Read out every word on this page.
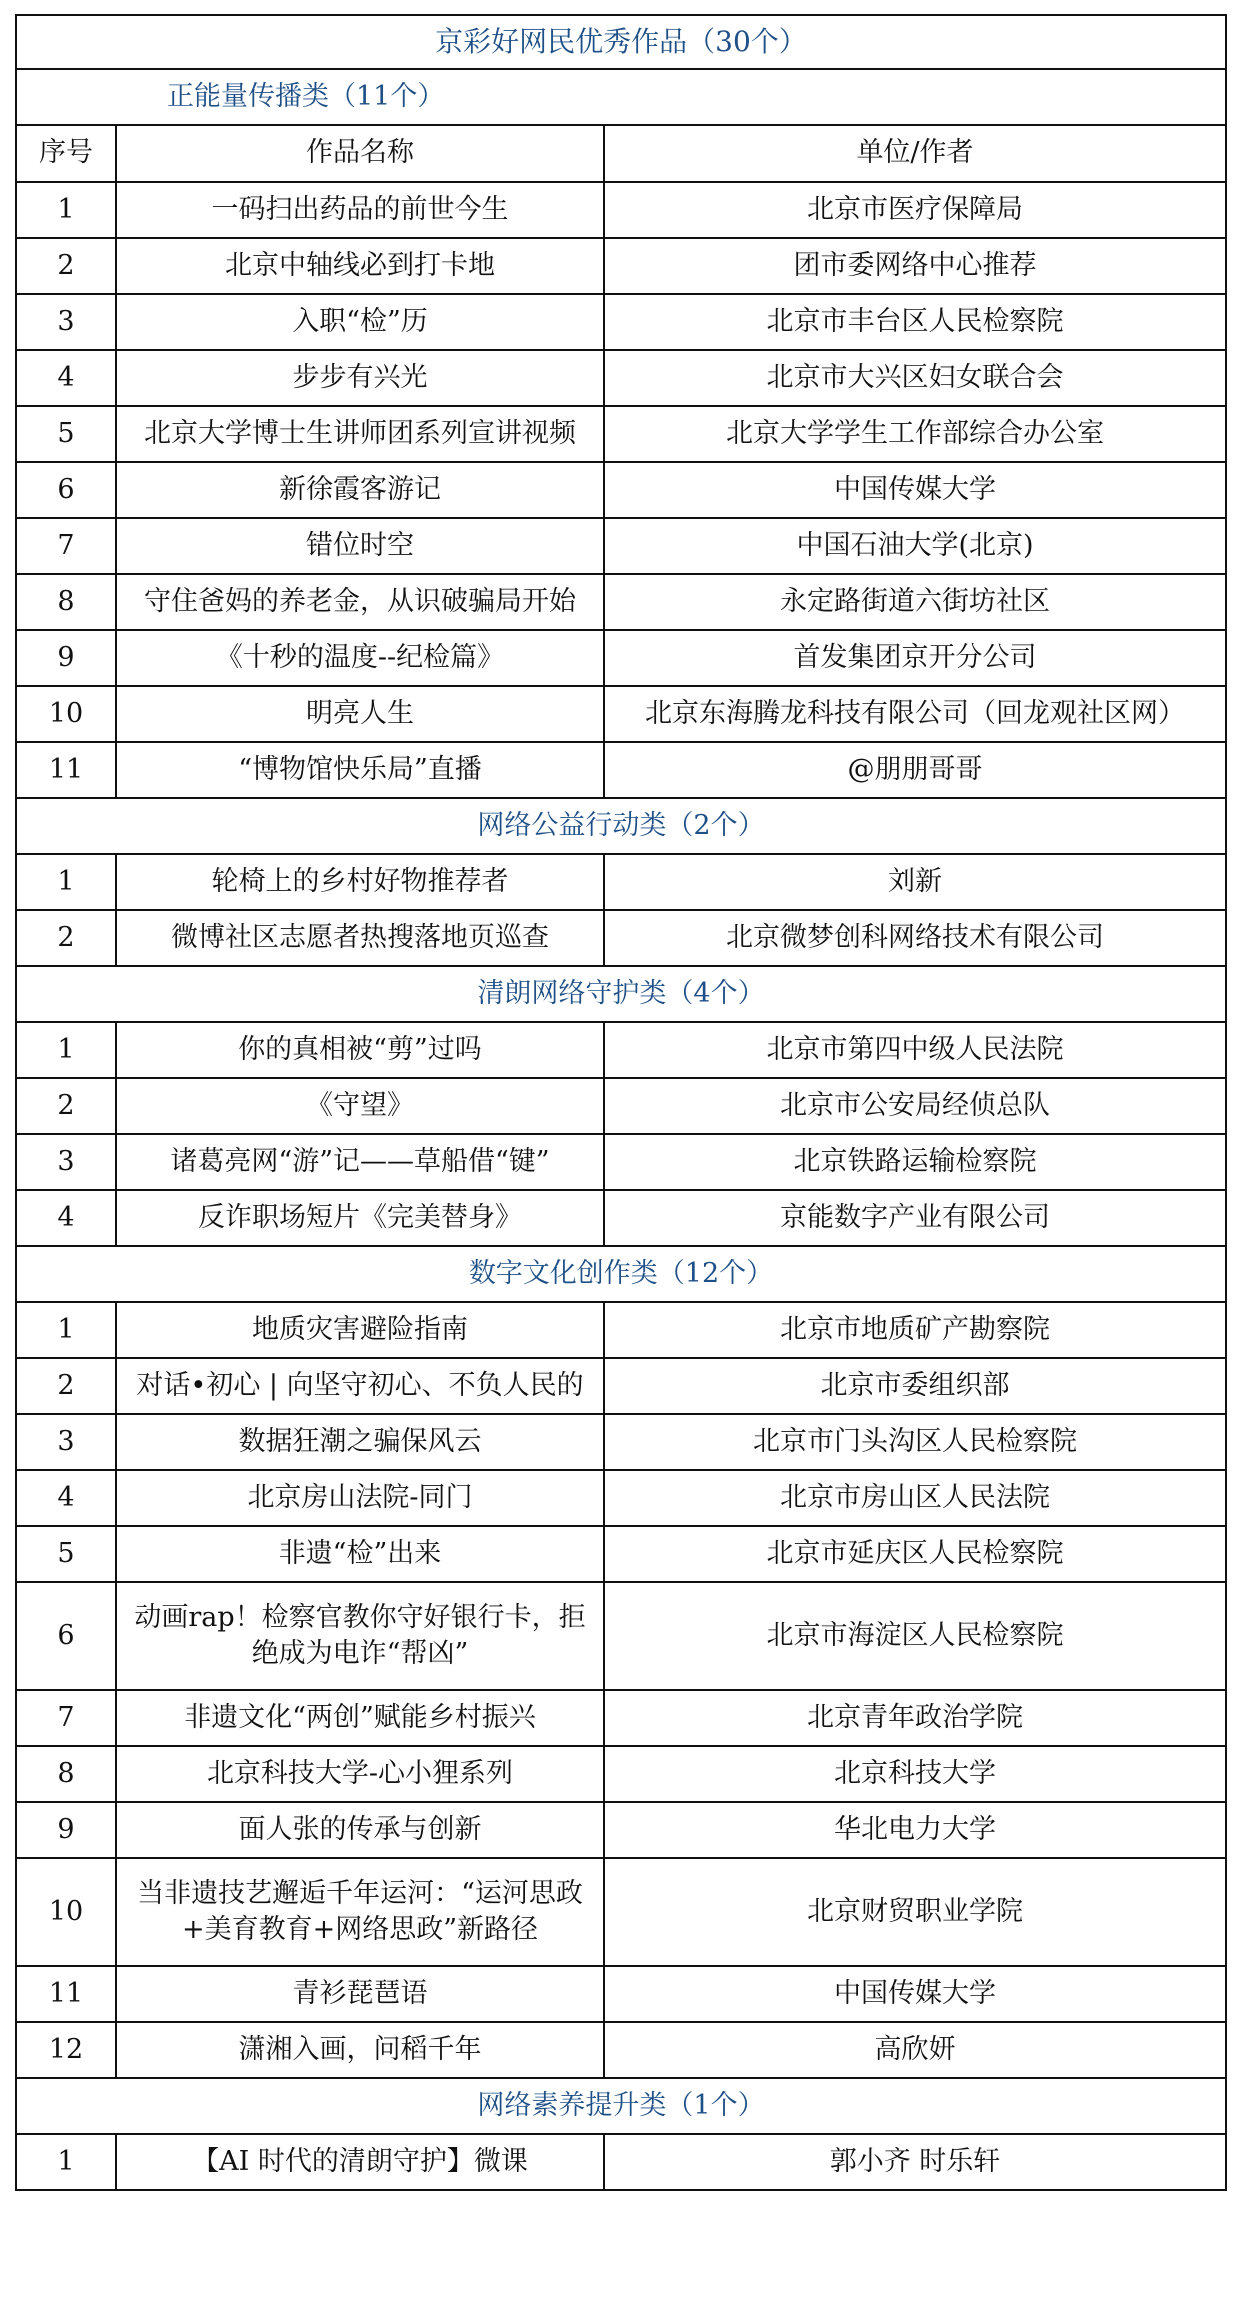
京彩好网民优秀作品（30个）		
正能量传播类（11个）		
序号	作品名称	单位/作者
1	一码扫出药品的前世今生	北京市医疗保障局
2	北京中轴线必到打卡地	团市委网络中心推荐
3	入职“检”历	北京市丰台区人民检察院
4	步步有兴光	北京市大兴区妇女联合会
5	北京大学博士生讲师团系列宣讲视频	北京大学学生工作部综合办公室
6	新徐霞客游记	中国传媒大学
7	错位时空	中国石油大学(北京)
8	守住爸妈的养老金，从识破骗局开始	永定路街道六街坊社区
9	《十秒的温度--纪检篇》	首发集团京开分公司
10	明亮人生	北京东海腾龙科技有限公司（回龙观社区网）
11	“博物馆快乐局”直播	@朋朋哥哥
网络公益行动类（2个）		
1	轮椅上的乡村好物推荐者	刘新
2	微博社区志愿者热搜落地页巡查	北京微梦创科网络技术有限公司
清朗网络守护类（4个）		
1	你的真相被“剪”过吗	北京市第四中级人民法院
2	《守望》	北京市公安局经侦总队
3	诸葛亮网“游”记——草船借“键”	北京铁路运输检察院
4	反诈职场短片《完美替身》	京能数字产业有限公司
数字文化创作类（12个）		
1	地质灾害避险指南	北京市地质矿产勘察院
2	对话•初心 | 向坚守初心、不负人民的	北京市委组织部
3	数据狂潮之骗保风云	北京市门头沟区人民检察院
4	北京房山法院-同门	北京市房山区人民法院
5	非遗“检”出来	北京市延庆区人民检察院
6	动画rap！检察官教你守好银行卡，拒绝成为电诈“帮凶”	北京市海淀区人民检察院
7	非遗文化“两创”赋能乡村振兴	北京青年政治学院
8	北京科技大学-心小狸系列	北京科技大学
9	面人张的传承与创新	华北电力大学
10	当非遗技艺邂逅千年运河：“运河思政+美育教育+网络思政”新路径	北京财贸职业学院
11	青衫琵琶语	中国传媒大学
12	潇湘入画，问稻千年	高欣妍
网络素养提升类（1个）		
1	【AI 时代的清朗守护】微课	郭小齐 时乐轩
